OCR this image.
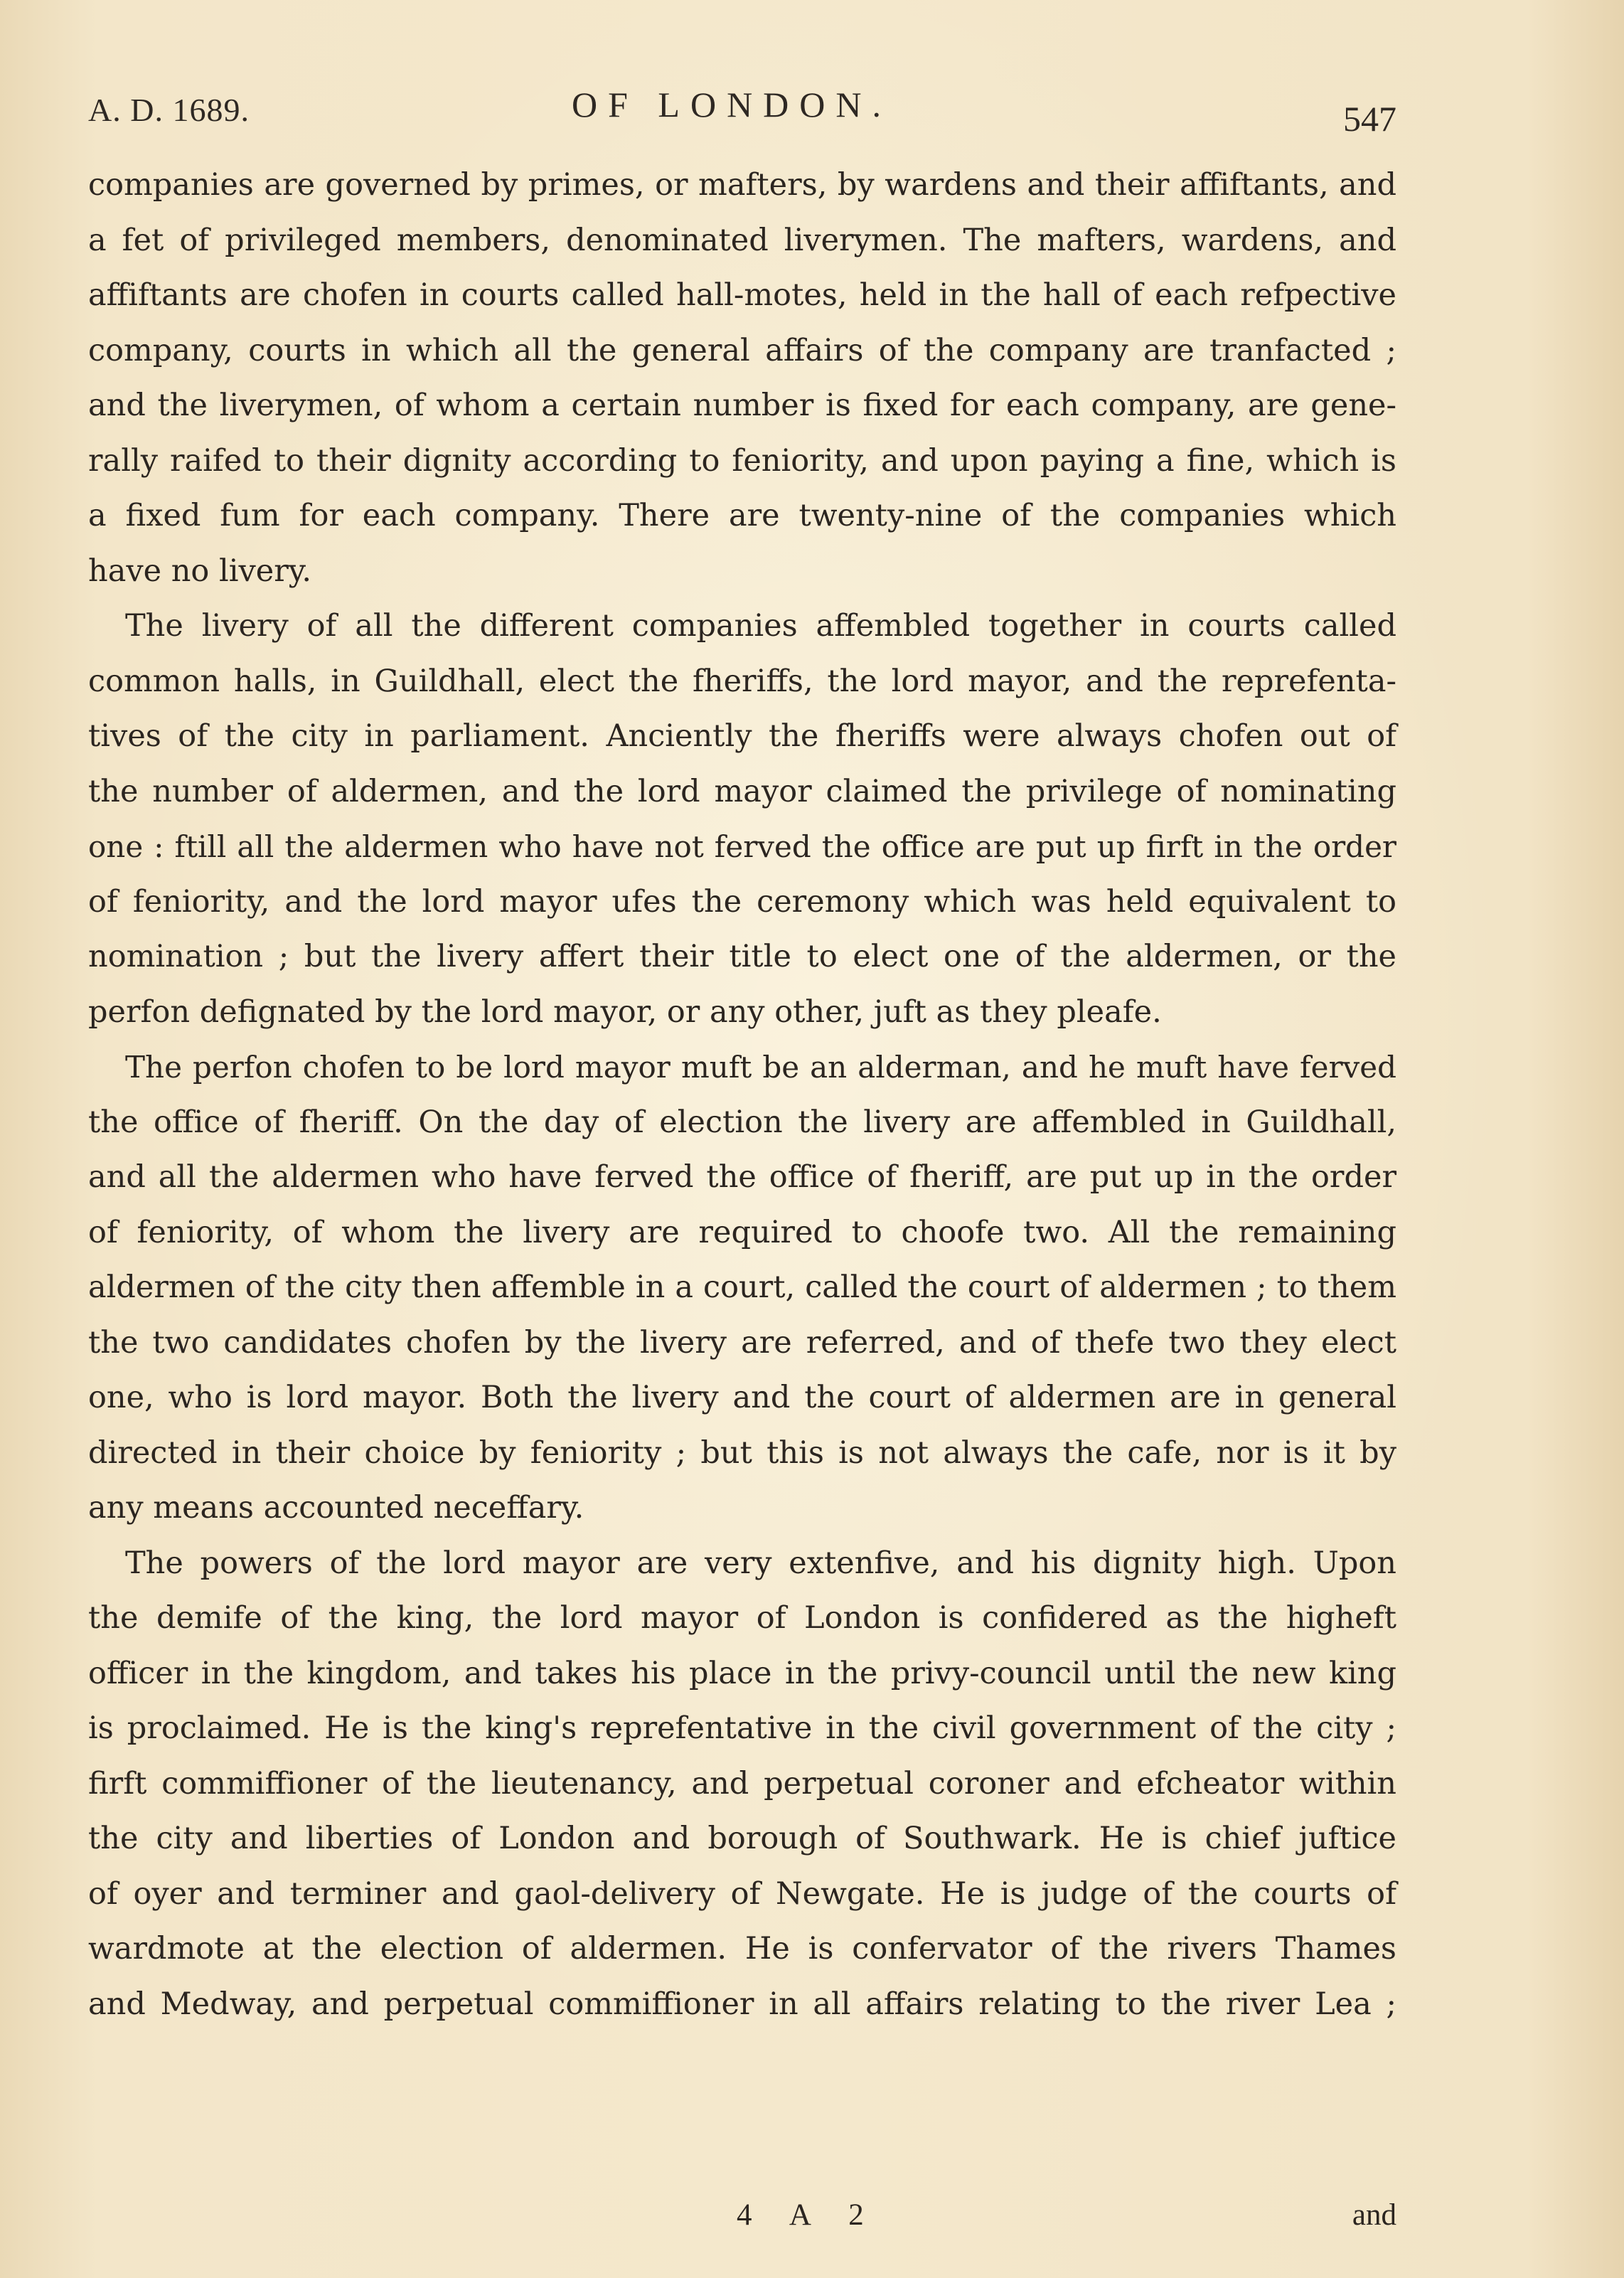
A. D. 1689.	OF LONDON.	547
companies are governed by primes, or mafters, by wardens and their affiftants, and
a fet of privileged members, denominated liverymen. The mafters, wardens, and
affiftants are chofen in courts called hall-motes, held in the hall of each refpective
company, courts in which all the general affairs of the company are tranfacted ;
and the liverymen, of whom a certain number is fixed for each company, are gene-
rally raifed to their dignity according to feniority, and upon paying a fine, which is
a fixed fum for each company. There are twenty-nine of the companies which
have no livery.
The livery of all the different companies affembled together in courts called
common halls, in Guildhall, elect the fheriffs, the lord mayor, and the reprefenta-
tives of the city in parliament. Anciently the fheriffs were always chofen out of
the number of aldermen, and the lord mayor claimed the privilege of nominating
one : ftill all the aldermen who have not ferved the office are put up firft in the order
of feniority, and the lord mayor ufes the ceremony which was held equivalent to
nomination ; but the livery affert their title to elect one of the aldermen, or the
perfon defignated by the lord mayor, or any other, juft as they pleafe.
The perfon chofen to be lord mayor muft be an alderman, and he muft have ferved
the office of fheriff. On the day of election the livery are affembled in Guildhall,
and all the aldermen who have ferved the office of fheriff, are put up in the order
of feniority, of whom the livery are required to choofe two. All the remaining
aldermen of the city then affemble in a court, called the court of aldermen ; to them
the two candidates chofen by the livery are referred, and of thefe two they elect
one, who is lord mayor. Both the livery and the court of aldermen are in general
directed in their choice by feniority ; but this is not always the cafe, nor is it by
any means accounted neceffary.
The powers of the lord mayor are very extenfive, and his dignity high. Upon
the demife of the king, the lord mayor of London is confidered as the higheft
officer in the kingdom, and takes his place in the privy-council until the new king
is proclaimed. He is the king's reprefentative in the civil government of the city ;
firft commiffioner of the lieutenancy, and perpetual coroner and efcheator within
the city and liberties of London and borough of Southwark. He is chief juftice
of oyer and terminer and gaol-delivery of Newgate. He is judge of the courts of
wardmote at the election of aldermen. He is confervator of the rivers Thames
and Medway, and perpetual commiffioner in all affairs relating to the river Lea ;
4 A 2	and
